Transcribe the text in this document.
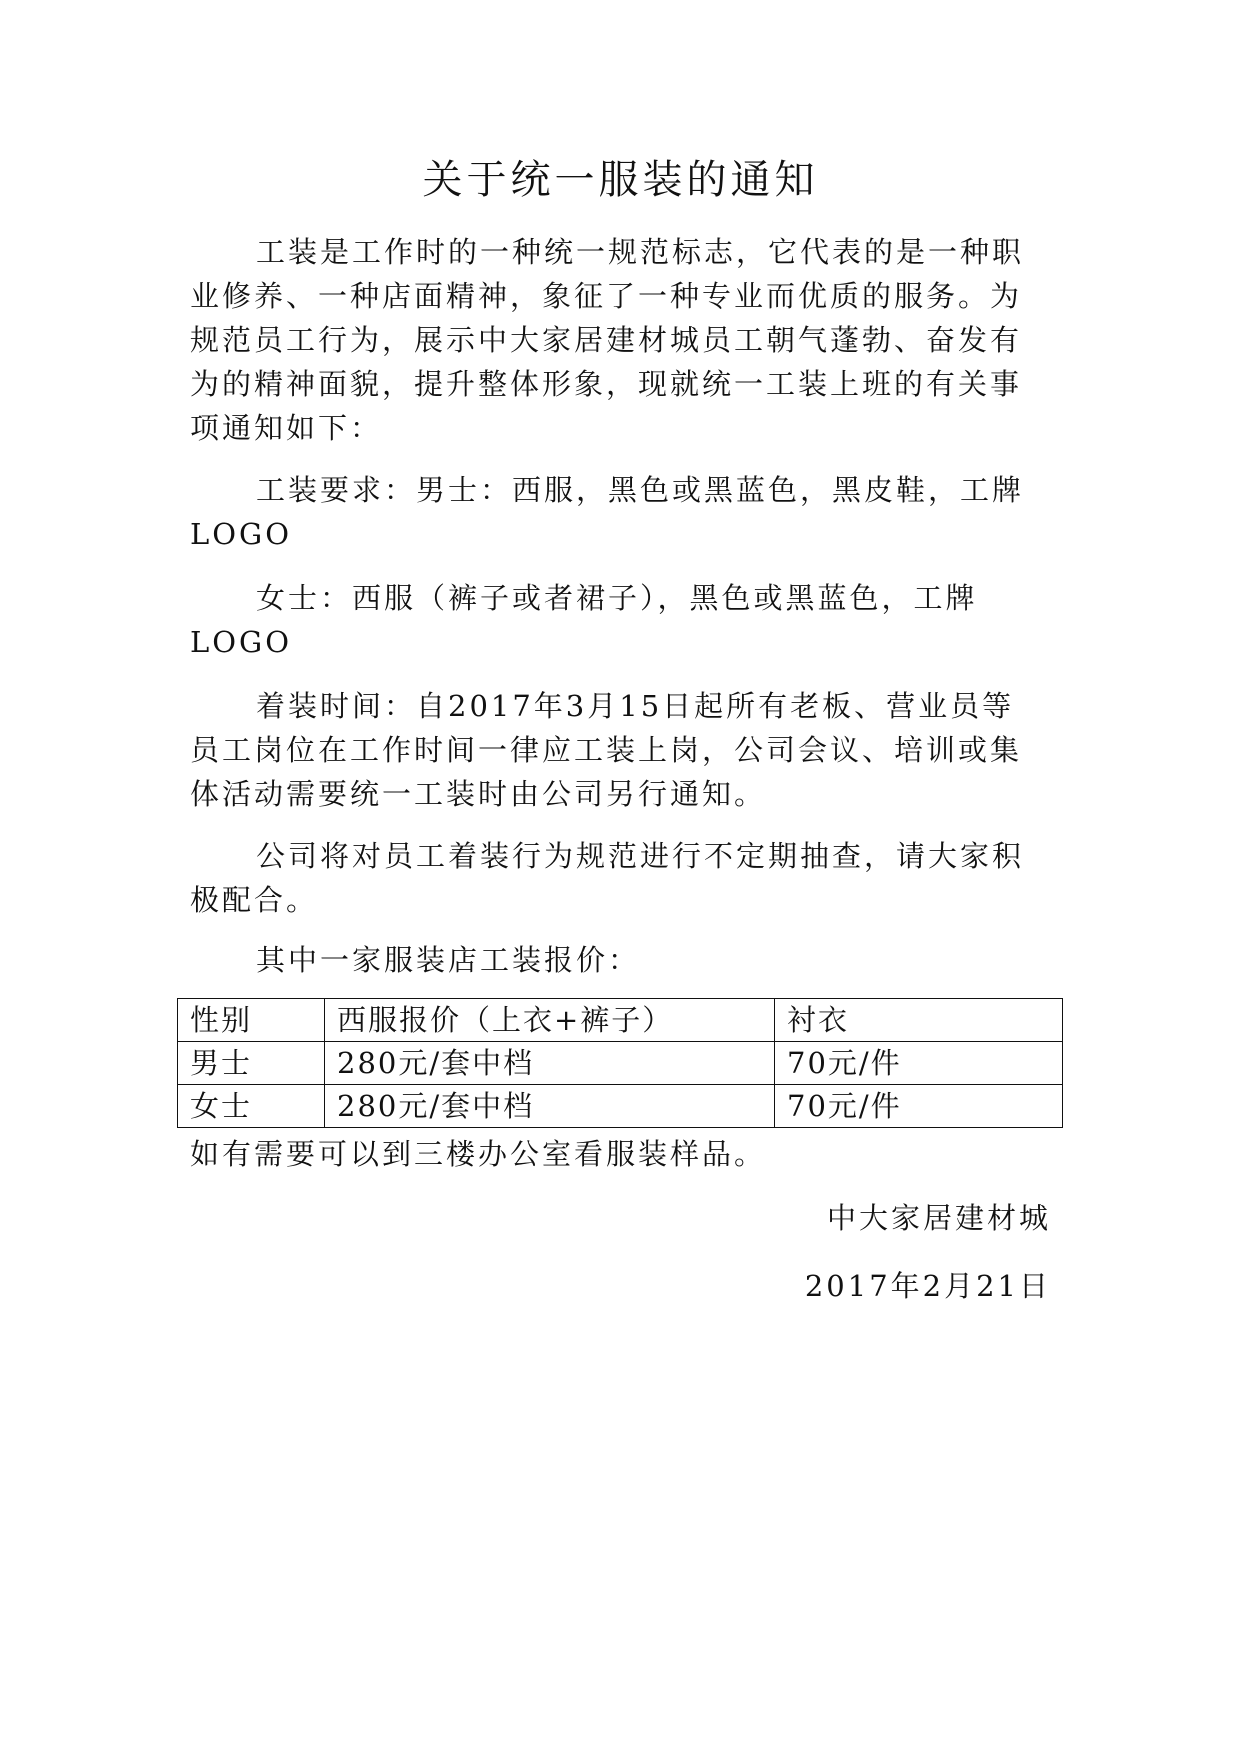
关于统一服装的通知

工装是工作时的一种统一规范标志，它代表的是一种职业修养、一种店面精神，象征了一种专业而优质的服务。为规范员工行为，展示中大家居建材城员工朝气蓬勃、奋发有为的精神面貌，提升整体形象，现就统一工装上班的有关事项通知如下：

工装要求：男士：西服，黑色或黑蓝色，黑皮鞋，工牌LOGO

女士：西服（裤子或者裙子），黑色或黑蓝色，工牌LOGO

着装时间：自2017年3月15日起所有老板、营业员等员工岗位在工作时间一律应工装上岗，公司会议、培训或集体活动需要统一工装时由公司另行通知。

公司将对员工着装行为规范进行不定期抽查，请大家积极配合。

其中一家服装店工装报价：

性别	西服报价（上衣+裤子）	衬衣
男士	280元/套中档	70元/件
女士	280元/套中档	70元/件

如有需要可以到三楼办公室看服装样品。

中大家居建材城
2017年2月21日
